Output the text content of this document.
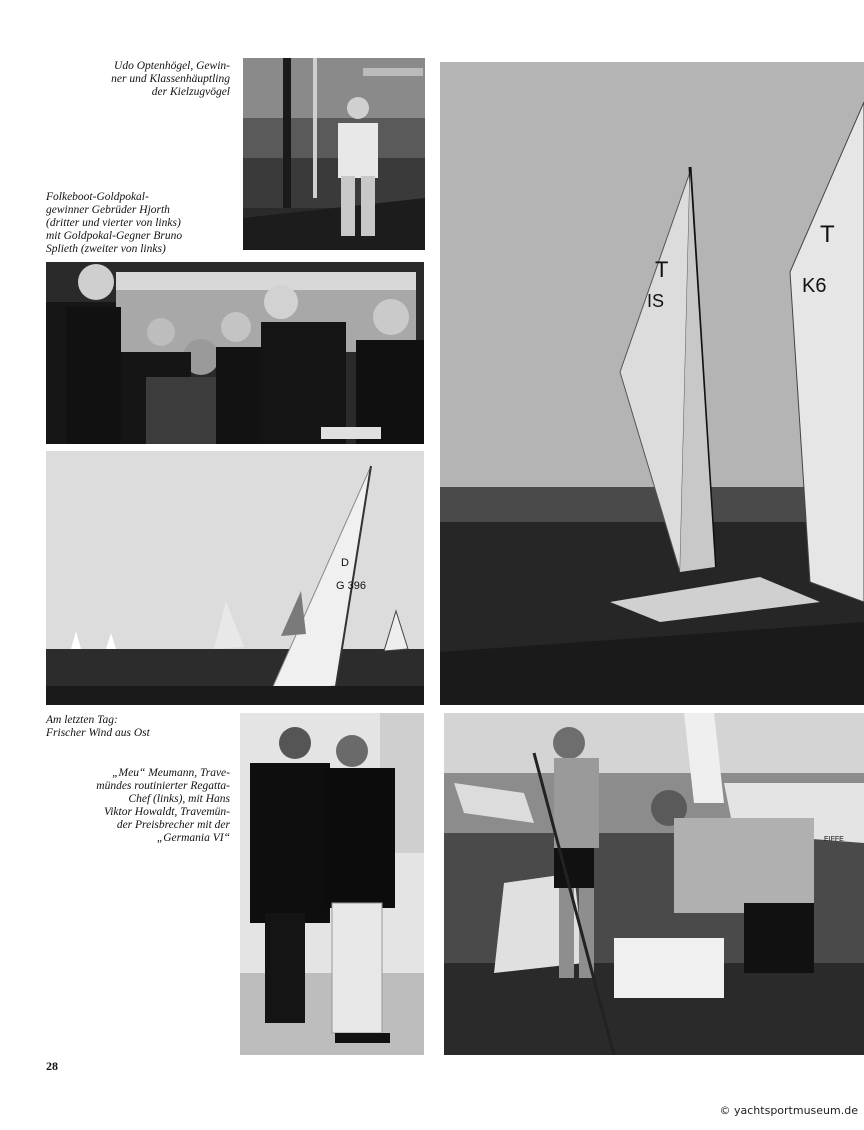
Udo Optenhögel, Gewin-
ner und Klassenhäuptling
der Kielzugvögel
Folkeboot-Goldpokal-
gewinner Gebrüder Hjorth
(dritter und vierter von links)
mit Goldpokal-Gegner Bruno
Splieth (zweiter von links)
D
G 396
T
IS
T
K6
Am letzten Tag:
Frischer Wind aus Ost
„Meu“ Meumann, Trave-
mündes routinierter Regatta-
Chef (links), mit Hans
Viktor Howaldt, Travemün-
der Preisbrecher mit der
„Germania VI“	EIFFE
28
© yachtsportmuseum.de
